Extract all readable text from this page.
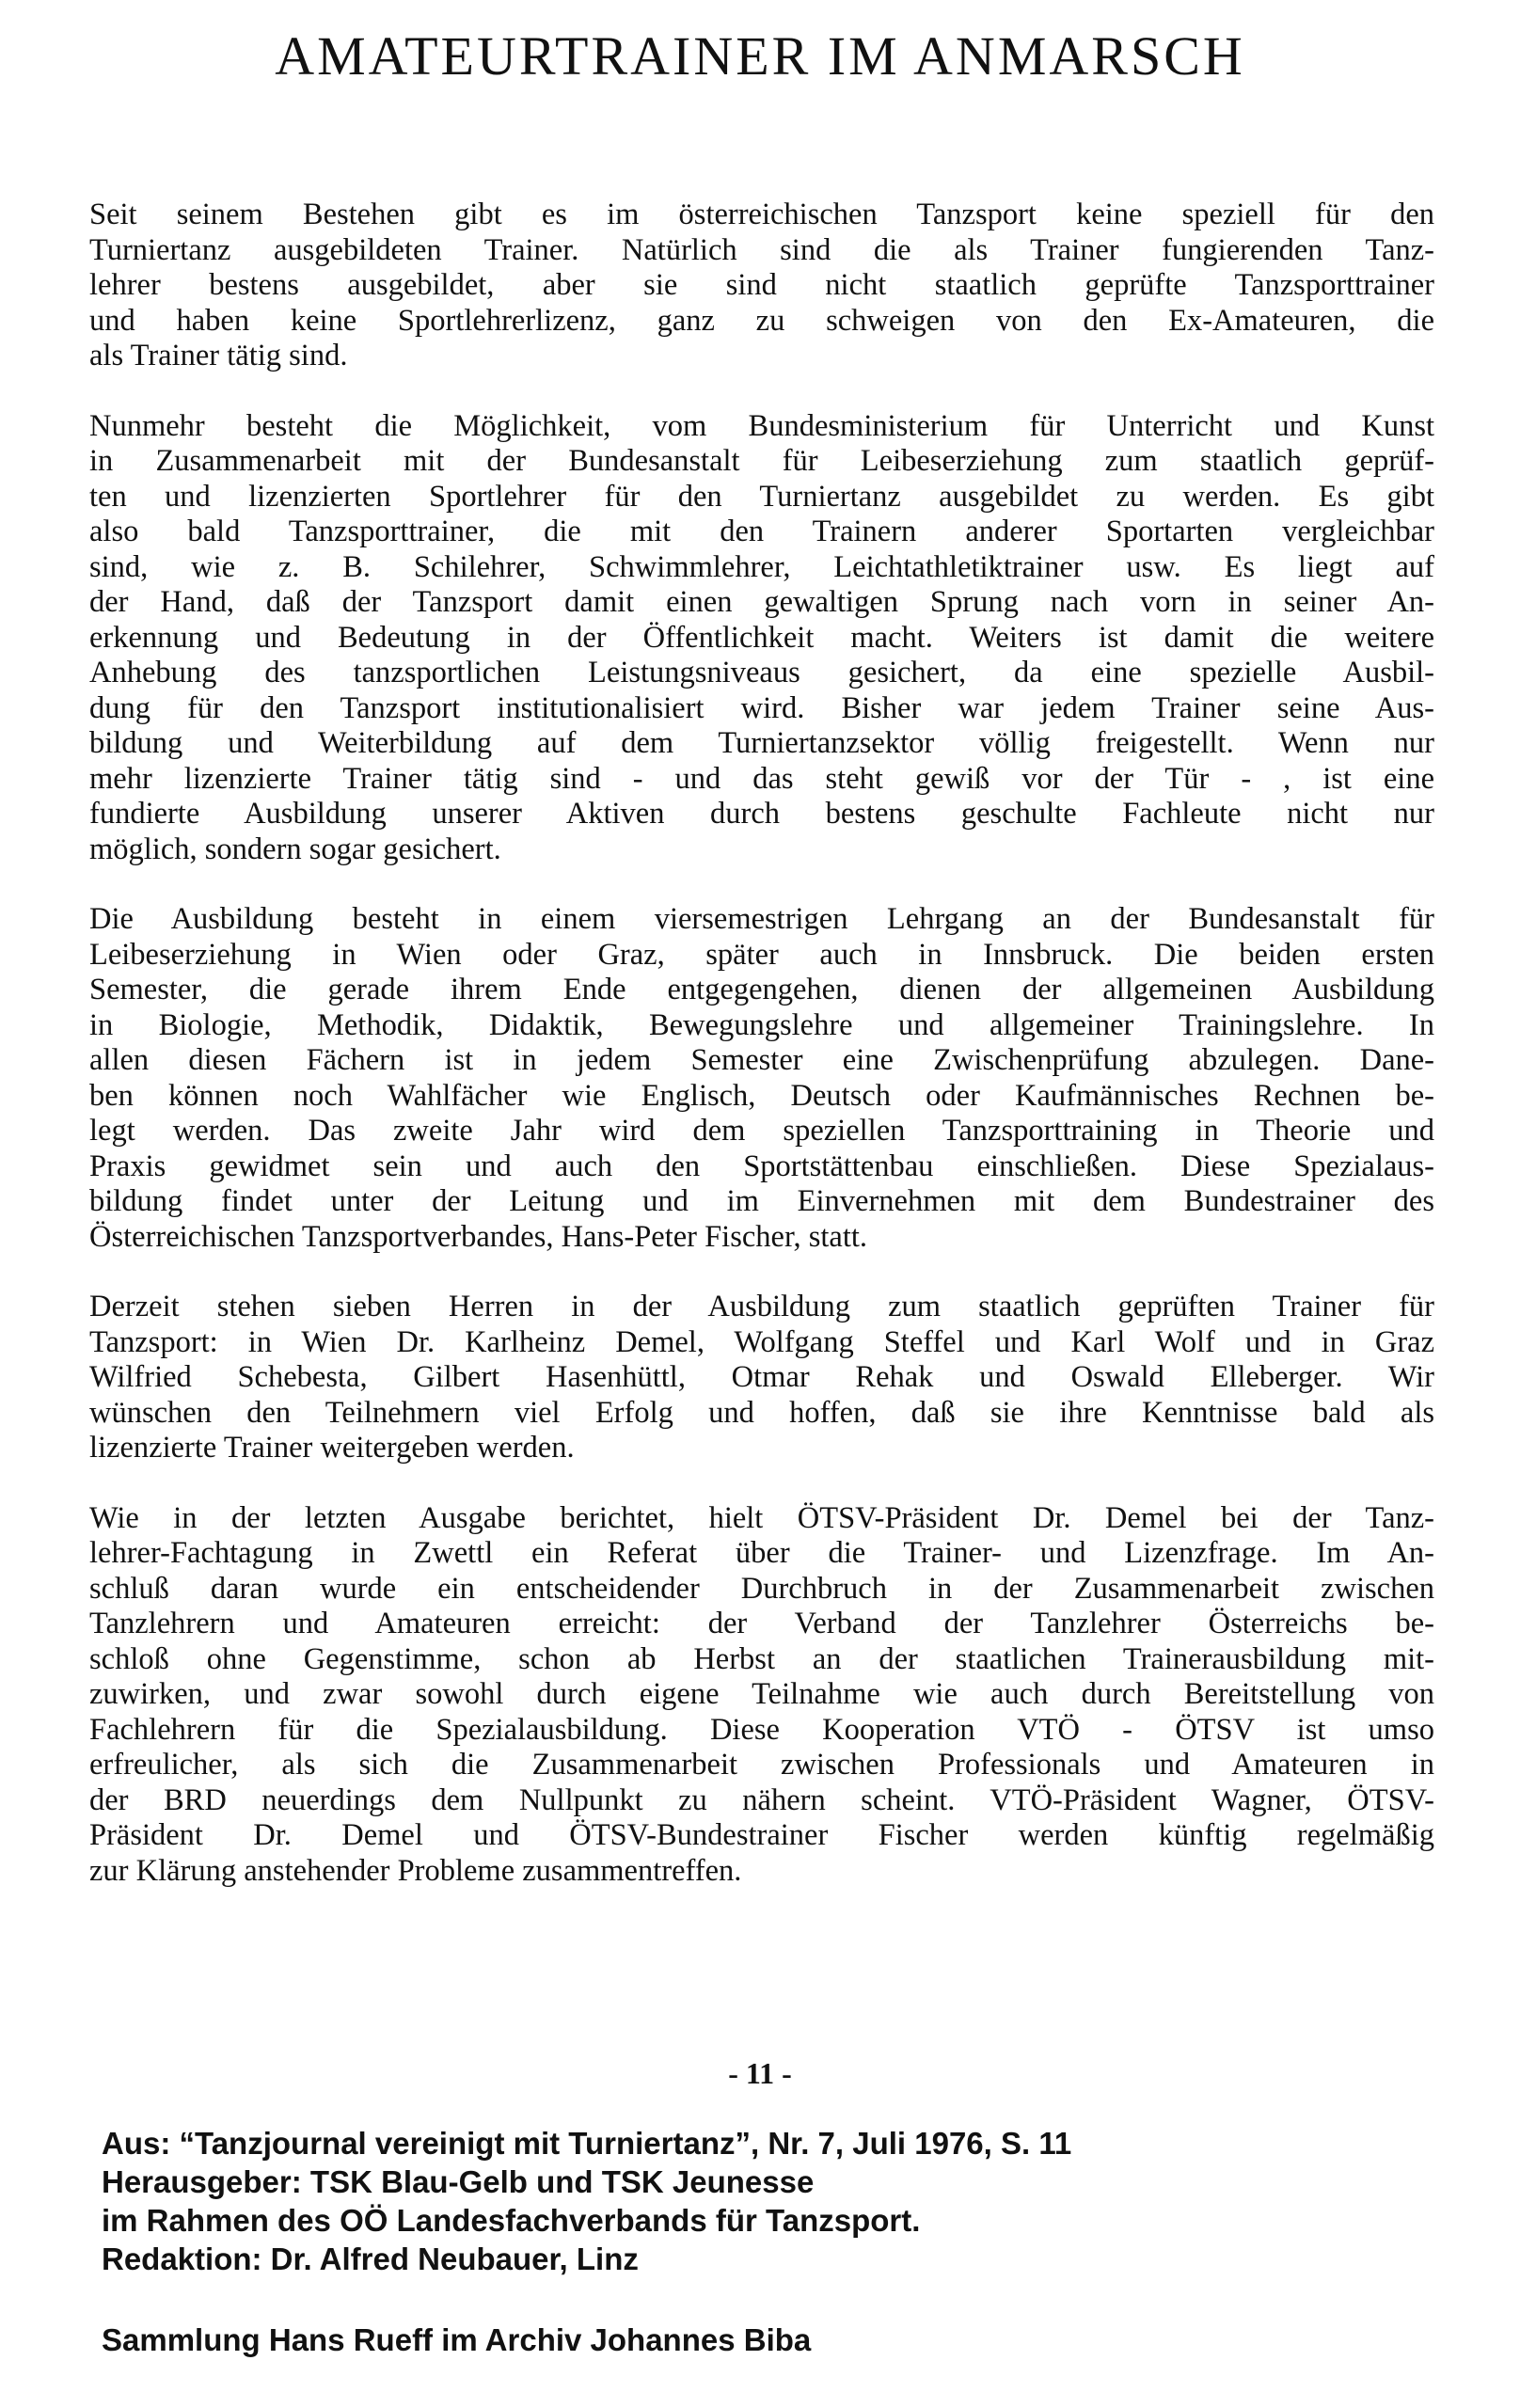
AMATEURTRAINER IM ANMARSCH
Seit seinem Bestehen gibt es im österreichischen Tanzsport keine speziell für den
Turniertanz ausgebildeten Trainer. Natürlich sind die als Trainer fungierenden Tanz-
lehrer bestens ausgebildet, aber sie sind nicht staatlich geprüfte Tanzsporttrainer
und haben keine Sportlehrerlizenz, ganz zu schweigen von den Ex-Amateuren, die
als Trainer tätig sind.
Nunmehr besteht die Möglichkeit, vom Bundesministerium für Unterricht und Kunst
in Zusammenarbeit mit der Bundesanstalt für Leibeserziehung zum staatlich geprüf-
ten und lizenzierten Sportlehrer für den Turniertanz ausgebildet zu werden. Es gibt
also bald Tanzsporttrainer, die mit den Trainern anderer Sportarten vergleichbar
sind, wie z. B. Schilehrer, Schwimmlehrer, Leichtathletiktrainer usw. Es liegt auf
der Hand, daß der Tanzsport damit einen gewaltigen Sprung nach vorn in seiner An-
erkennung und Bedeutung in der Öffentlichkeit macht. Weiters ist damit die weitere
Anhebung des tanzsportlichen Leistungsniveaus gesichert, da eine spezielle Ausbil-
dung für den Tanzsport institutionalisiert wird. Bisher war jedem Trainer seine Aus-
bildung und Weiterbildung auf dem Turniertanzsektor völlig freigestellt. Wenn nur
mehr lizenzierte Trainer tätig sind - und das steht gewiß vor der Tür - , ist eine
fundierte Ausbildung unserer Aktiven durch bestens geschulte Fachleute nicht nur
möglich, sondern sogar gesichert.
Die Ausbildung besteht in einem viersemestrigen Lehrgang an der Bundesanstalt für
Leibeserziehung in Wien oder Graz, später auch in Innsbruck. Die beiden ersten
Semester, die gerade ihrem Ende entgegengehen, dienen der allgemeinen Ausbildung
in Biologie, Methodik, Didaktik, Bewegungslehre und allgemeiner Trainingslehre. In
allen diesen Fächern ist in jedem Semester eine Zwischenprüfung abzulegen. Dane-
ben können noch Wahlfächer wie Englisch, Deutsch oder Kaufmännisches Rechnen be-
legt werden. Das zweite Jahr wird dem speziellen Tanzsporttraining in Theorie und
Praxis gewidmet sein und auch den Sportstättenbau einschließen. Diese Spezialaus-
bildung findet unter der Leitung und im Einvernehmen mit dem Bundestrainer des
Österreichischen Tanzsportverbandes, Hans-Peter Fischer, statt.
Derzeit stehen sieben Herren in der Ausbildung zum staatlich geprüften Trainer für
Tanzsport: in Wien Dr. Karlheinz Demel, Wolfgang Steffel und Karl Wolf und in Graz
Wilfried Schebesta, Gilbert Hasenhüttl, Otmar Rehak und Oswald Elleberger. Wir
wünschen den Teilnehmern viel Erfolg und hoffen, daß sie ihre Kenntnisse bald als
lizenzierte Trainer weitergeben werden.
Wie in der letzten Ausgabe berichtet, hielt ÖTSV-Präsident Dr. Demel bei der Tanz-
lehrer-Fachtagung in Zwettl ein Referat über die Trainer- und Lizenzfrage. Im An-
schluß daran wurde ein entscheidender Durchbruch in der Zusammenarbeit zwischen
Tanzlehrern und Amateuren erreicht: der Verband der Tanzlehrer Österreichs be-
schloß ohne Gegenstimme, schon ab Herbst an der staatlichen Trainerausbildung mit-
zuwirken, und zwar sowohl durch eigene Teilnahme wie auch durch Bereitstellung von
Fachlehrern für die Spezialausbildung. Diese Kooperation VTÖ - ÖTSV ist umso
erfreulicher, als sich die Zusammenarbeit zwischen Professionals und Amateuren in
der BRD neuerdings dem Nullpunkt zu nähern scheint. VTÖ-Präsident Wagner, ÖTSV-
Präsident Dr. Demel und ÖTSV-Bundestrainer Fischer werden künftig regelmäßig
zur Klärung anstehender Probleme zusammentreffen.
- 11 -
Aus: “Tanzjournal vereinigt mit Turniertanz”, Nr. 7, Juli 1976, S. 11
Herausgeber: TSK Blau-Gelb und TSK Jeunesse
im Rahmen des OÖ Landesfachverbands für Tanzsport.
Redaktion: Dr. Alfred Neubauer, Linz
Sammlung Hans Rueff im Archiv Johannes Biba
